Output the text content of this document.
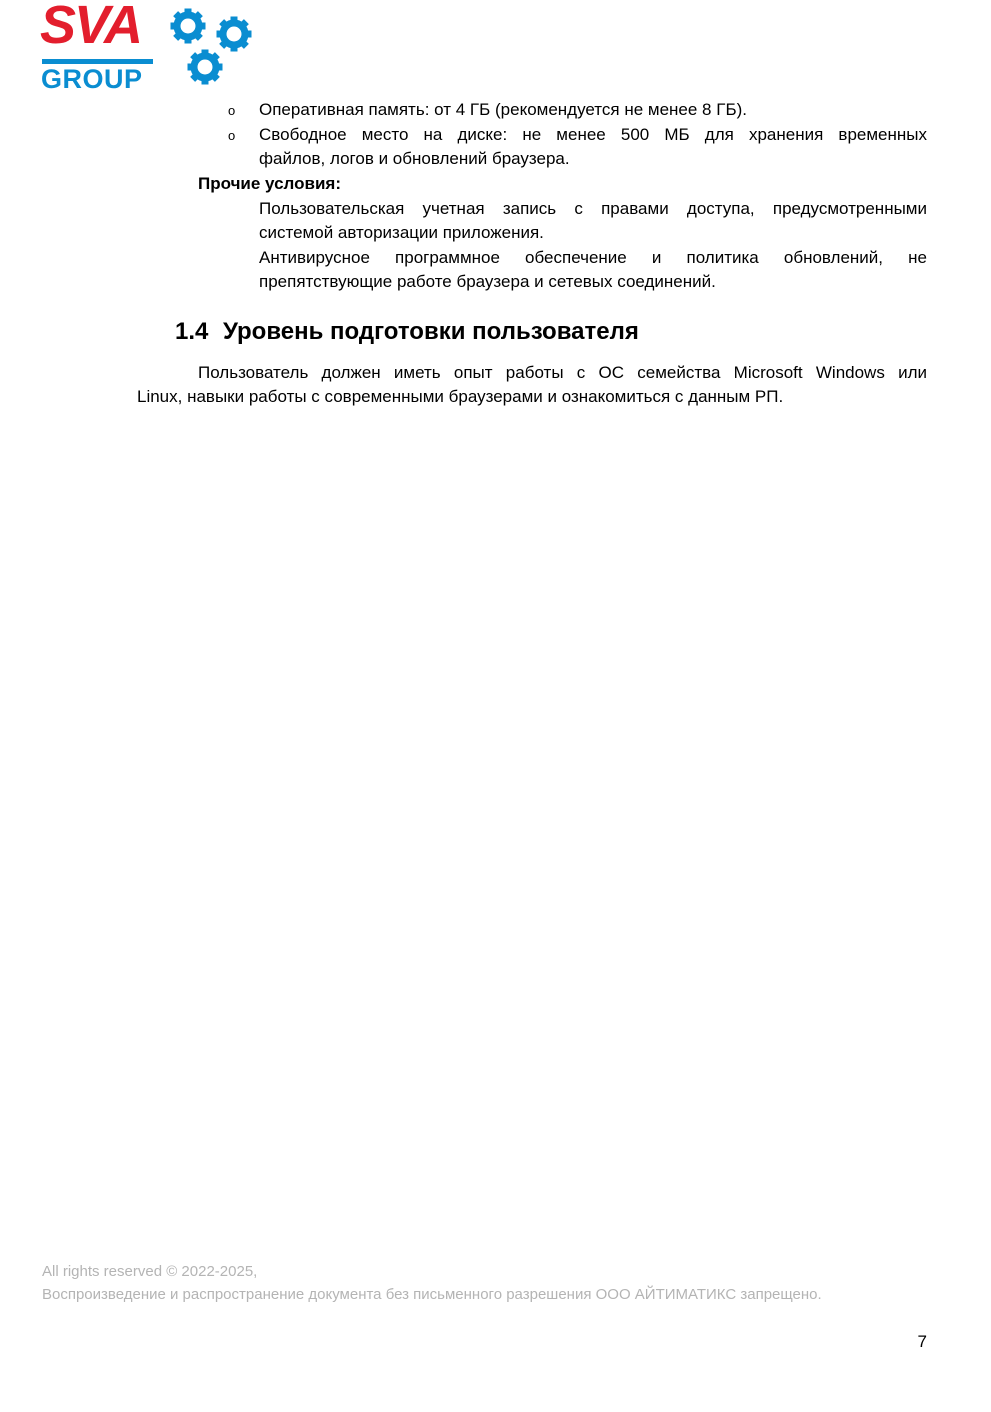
SVA
GROUP
o Оперативная память: от 4 ГБ (рекомендуется не менее 8 ГБ).
o Свободное место на диске: не менее 500 МБ для хранения временных
файлов, логов и обновлений браузера.
Прочие условия:
Пользовательская учетная запись с правами доступа, предусмотренными
системой авторизации приложения.
Антивирусное программное обеспечение и политика обновлений, не
препятствующие работе браузера и сетевых соединений.
1.4 Уровень подготовки пользователя
Пользователь должен иметь опыт работы с ОС семейства Microsoft Windows или
Linux, навыки работы с современными браузерами и ознакомиться с данным РП.
All rights reserved © 2022-2025,
Воспроизведение и распространение документа без письменного разрешения ООО АЙТИМАТИКС запрещено.
7
